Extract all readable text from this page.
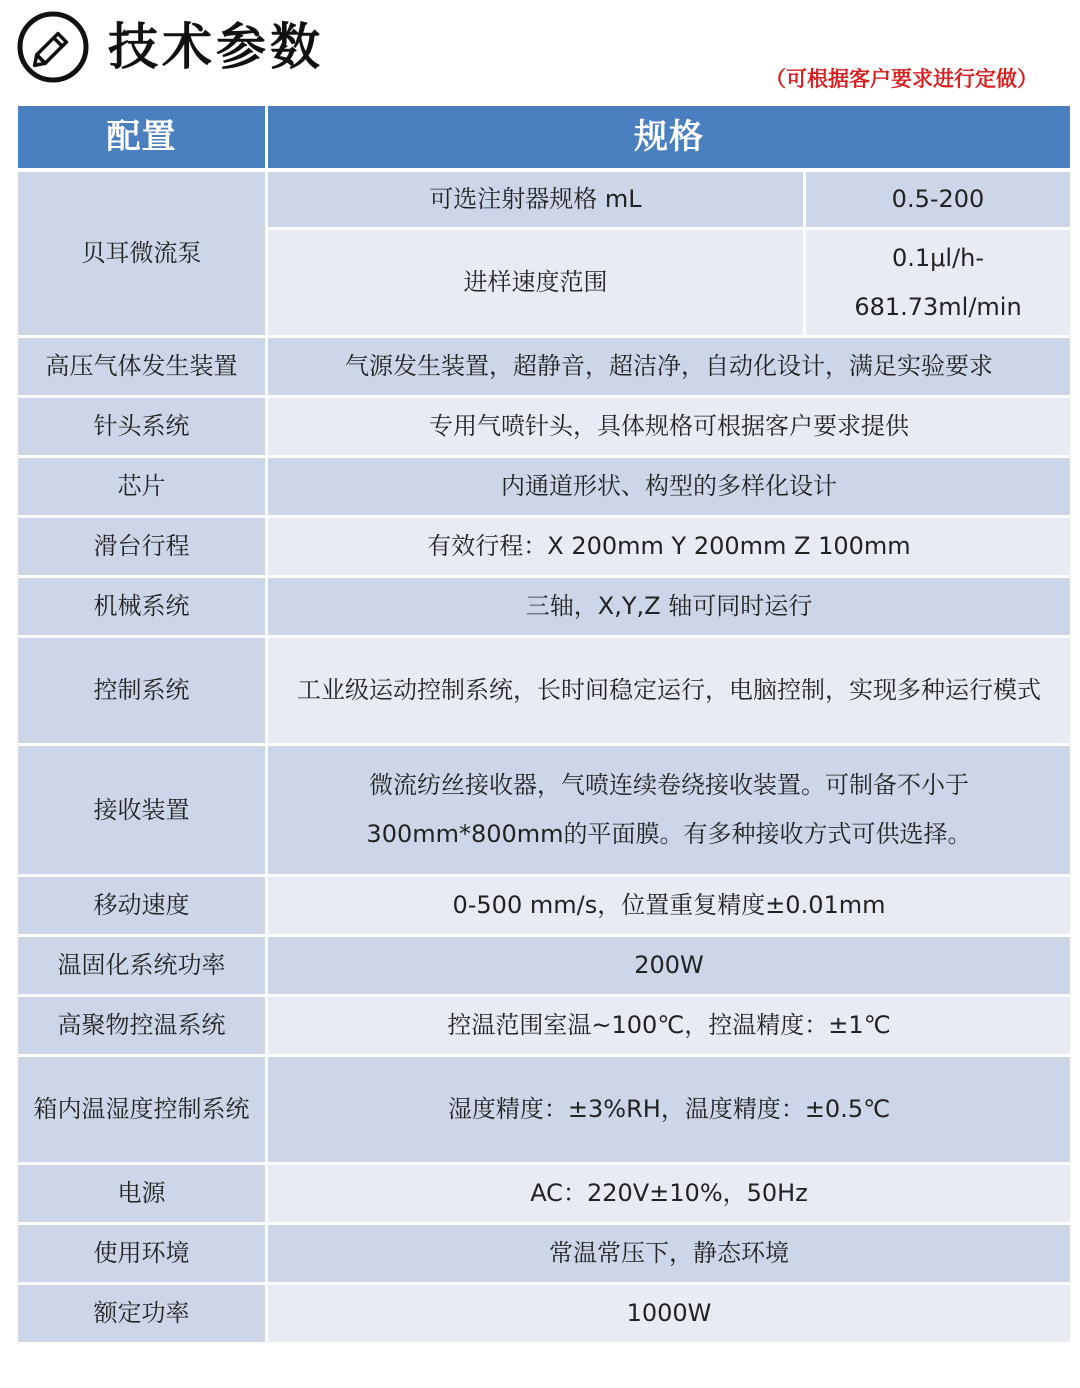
技术参数
（可根据客户要求进行定做）
配置	规格	
贝耳微流泵	可选注射器规格 mL	0.5-200
	进样速度范围	0.1μl/h-681.73ml/min
高压气体发生装置	气源发生装置，超静音，超洁净，自动化设计，满足实验要求	
针头系统	专用气喷针头，具体规格可根据客户要求提供	
芯片	内通道形状、构型的多样化设计	
滑台行程	有效行程：X 200mm Y 200mm Z 100mm	
机械系统	三轴，X,Y,Z 轴可同时运行	
控制系统	工业级运动控制系统，长时间稳定运行，电脑控制，实现多种运行模式	
接收装置	微流纺丝接收器，气喷连续卷绕接收装置。可制备不小于300mm*800mm的平面膜。有多种接收方式可供选择。	
移动速度	0-500 mm/s，位置重复精度±0.01mm	
温固化系统功率	200W	
高聚物控温系统	控温范围室温~100℃，控温精度：±1℃	
箱内温湿度控制系统	湿度精度：±3%RH，温度精度：±0.5℃	
电源	AC：220V±10%，50Hz	
使用环境	常温常压下，静态环境	
额定功率	1000W	
